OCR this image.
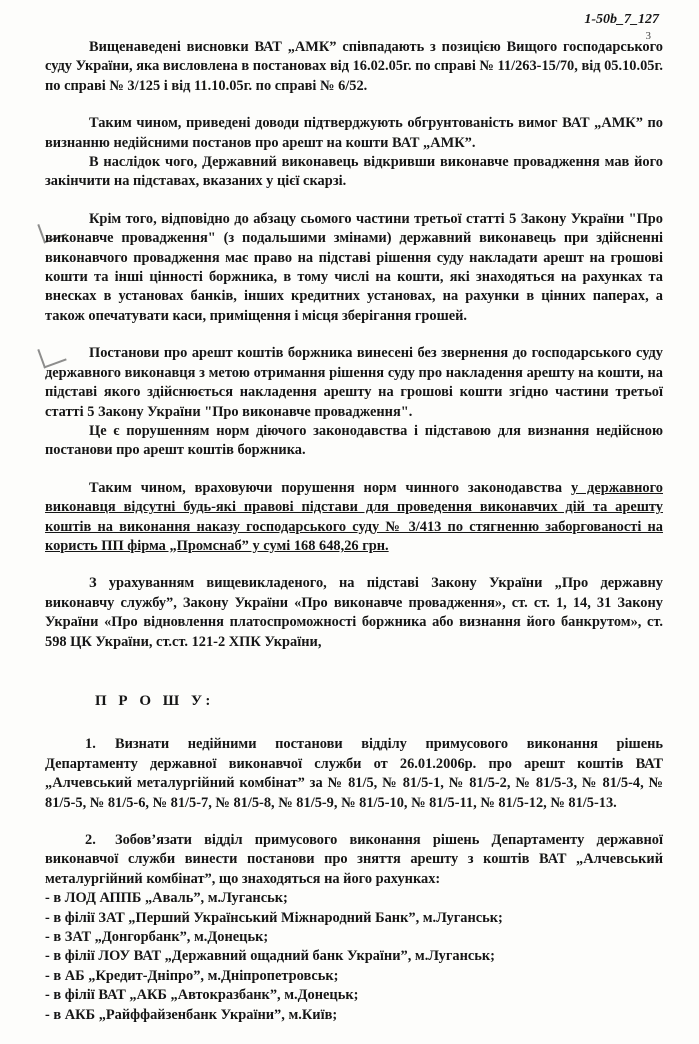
1-50b_7_127
3

Вищенаведені висновки ВАТ „АМК” співпадають з позицією Вищого господарського суду України, яка висловлена в постановах від 16.02.05г. по справі № 11/263-15/70, від 05.10.05г. по справі № 3/125 і від 11.10.05г. по справі № 6/52.

Таким чином, приведені доводи підтверджують обгрунтованість вимог ВАТ „АМК” по визнанню недійсними постанов про арешт на кошти ВАТ „АМК”.

В наслідок чого, Державний виконавець відкривши виконавче провадження мав його закінчити на підставах, вказаних у цієї скарзі.

Крім того, відповідно до абзацу сьомого частини третьої статті 5 Закону України "Про виконавче провадження" (з подальшими змінами) державний виконавець при здійсненні виконавчого провадження має право на підставі рішення суду накладати арешт на грошові кошти та інші цінності боржника, в тому числі на кошти, які знаходяться на рахунках та внесках в установах банків, інших кредитних установах, на рахунки в цінних паперах, а також опечатувати каси, приміщення і місця зберігання грошей.

Постанови про арешт коштів боржника винесені без звернення до господарського суду державного виконавця з метою отримання рішення суду про накладення арешту на кошти, на підставі якого здійснюється накладення арешту на грошові кошти згідно частини третьої статті 5 Закону України "Про виконавче провадження".

Це є порушенням норм діючого законодавства і підставою для визнання недійсною постанови про арешт коштів боржника.

Таким чином, враховуючи порушення норм чинного законодавства у державного виконавця відсутні будь-які правові підстави для проведення виконавчих дій та арешту коштів на виконання наказу господарського суду № 3/413 по стягненню заборгованості на користь ПП фірма „Промснаб” у сумі 168 648,26 грн.

З урахуванням вищевикладеного, на підставі Закону України „Про державну виконавчу службу”, Закону України «Про виконавче провадження», ст. ст. 1, 14, 31 Закону України «Про відновлення платоспроможності боржника або визнання його банкрутом», ст. 598 ЦК України, ст.ст. 121-2 ХПК України,

П Р О Ш У:

1. Визнати недійними постанови відділу примусового виконання рішень Департаменту державної виконавчої служби от 26.01.2006р. про арешт коштів ВАТ „Алчевський металургійний комбінат” за № 81/5, № 81/5-1, № 81/5-2, № 81/5-3, № 81/5-4, № 81/5-5, № 81/5-6, № 81/5-7, № 81/5-8, № 81/5-9, № 81/5-10, № 81/5-11, № 81/5-12, № 81/5-13.

2. Зобов’язати відділ примусового виконання рішень Департаменту державної виконавчої служби винести постанови про зняття арешту з коштів ВАТ „Алчевський металургійний комбінат”, що знаходяться на його рахунках:

- в ЛОД АППБ „Аваль”, м.Луганськ;
- в філії ЗАТ „Перший Український Міжнародний Банк”, м.Луганськ;
- в ЗАТ „Донгорбанк”, м.Донецьк;
- в філії ЛОУ ВАТ „Державний ощадний банк України”, м.Луганськ;
- в АБ „Кредит-Дніпро”, м.Дніпропетровськ;
- в філії ВАТ „АКБ „Автокразбанк”, м.Донецьк;
- в АКБ „Райффайзенбанк України”, м.Київ;
